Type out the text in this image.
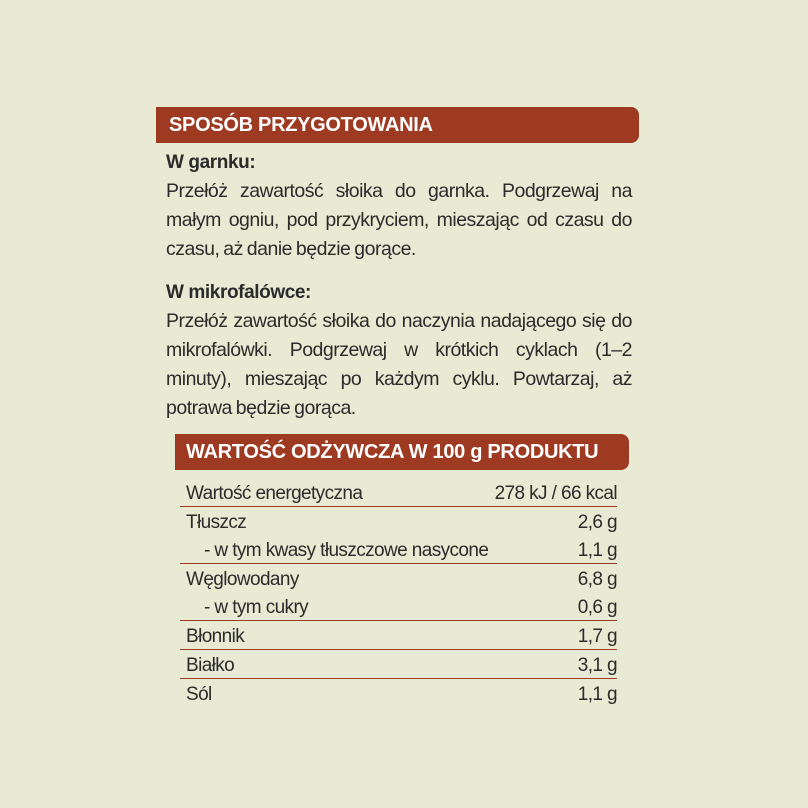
SPOSÓB PRZYGOTOWANIA
W garnku:
Przełóż zawartość słoika do garnka. Podgrzewaj na małym ogniu, pod przykryciem, mieszając od czasu do czasu, aż danie będzie gorące.
W mikrofalówce:
Przełóż zawartość słoika do naczynia nadającego się do mikrofalówki. Podgrzewaj w krótkich cyklach (1–2 minuty), mieszając po każdym cyklu. Powtarzaj, aż potrawa będzie gorąca.
WARTOŚĆ ODŻYWCZA W 100 g PRODUKTU
Wartość energetyczna	278 kJ / 66 kcal
Tłuszcz	2,6 g
- w tym kwasy tłuszczowe nasycone	1,1 g
Węglowodany	6,8 g
- w tym cukry	0,6 g
Błonnik	1,7 g
Białko	3,1 g
Sól	1,1 g
